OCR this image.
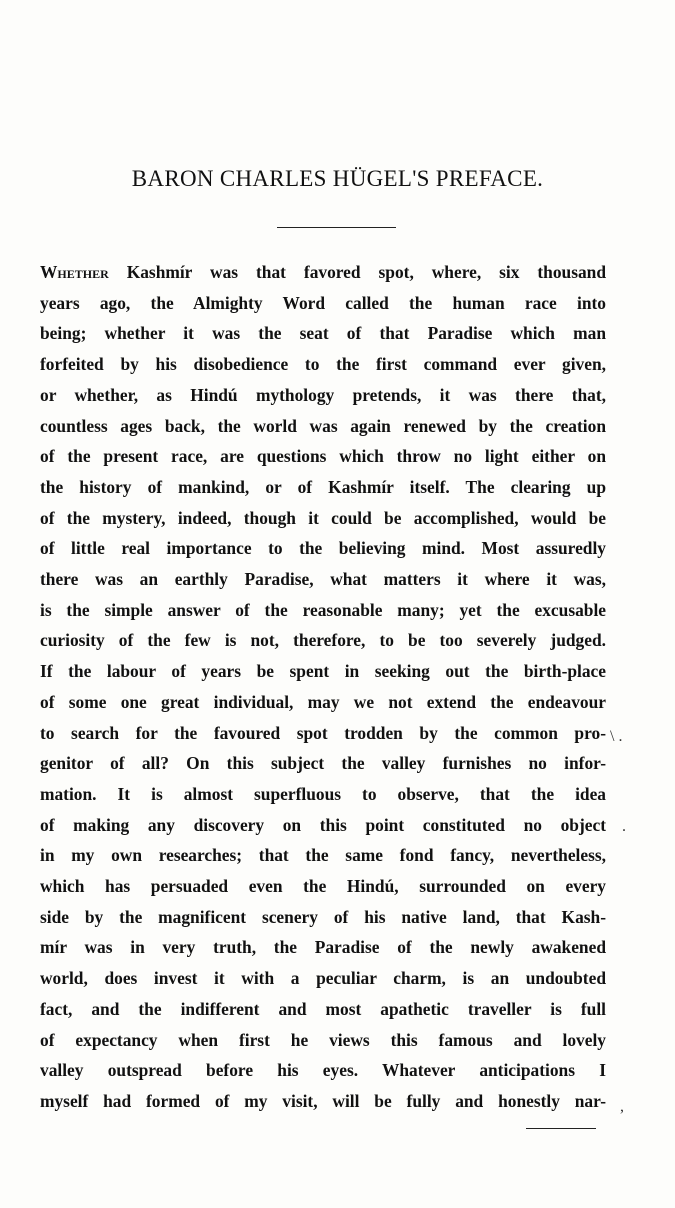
BARON CHARLES HÜGEL'S PREFACE.
Whether Kashmír was that favored spot, where, six thousand
years ago, the Almighty Word called the human race into
being; whether it was the seat of that Paradise which man
forfeited by his disobedience to the first command ever given,
or whether, as Hindú mythology pretends, it was there that,
countless ages back, the world was again renewed by the creation
of the present race, are questions which throw no light either on
the history of mankind, or of Kashmír itself. The clearing up
of the mystery, indeed, though it could be accomplished, would be
of little real importance to the believing mind. Most assuredly
there was an earthly Paradise, what matters it where it was,
is the simple answer of the reasonable many; yet the excusable
curiosity of the few is not, therefore, to be too severely judged.
If the labour of years be spent in seeking out the birth-place
of some one great individual, may we not extend the endeavour
to search for the favoured spot trodden by the common pro-
genitor of all? On this subject the valley furnishes no infor-
mation. It is almost superfluous to observe, that the idea
of making any discovery on this point constituted no object
in my own researches; that the same fond fancy, nevertheless,
which has persuaded even the Hindú, surrounded on every
side by the magnificent scenery of his native land, that Kash-
mír was in very truth, the Paradise of the newly awakened
world, does invest it with a peculiar charm, is an undoubted
fact, and the indifferent and most apathetic traveller is full
of expectancy when first he views this famous and lovely
valley outspread before his eyes. Whatever anticipations I
myself had formed of my visit, will be fully and honestly nar-
\ .
.
,
